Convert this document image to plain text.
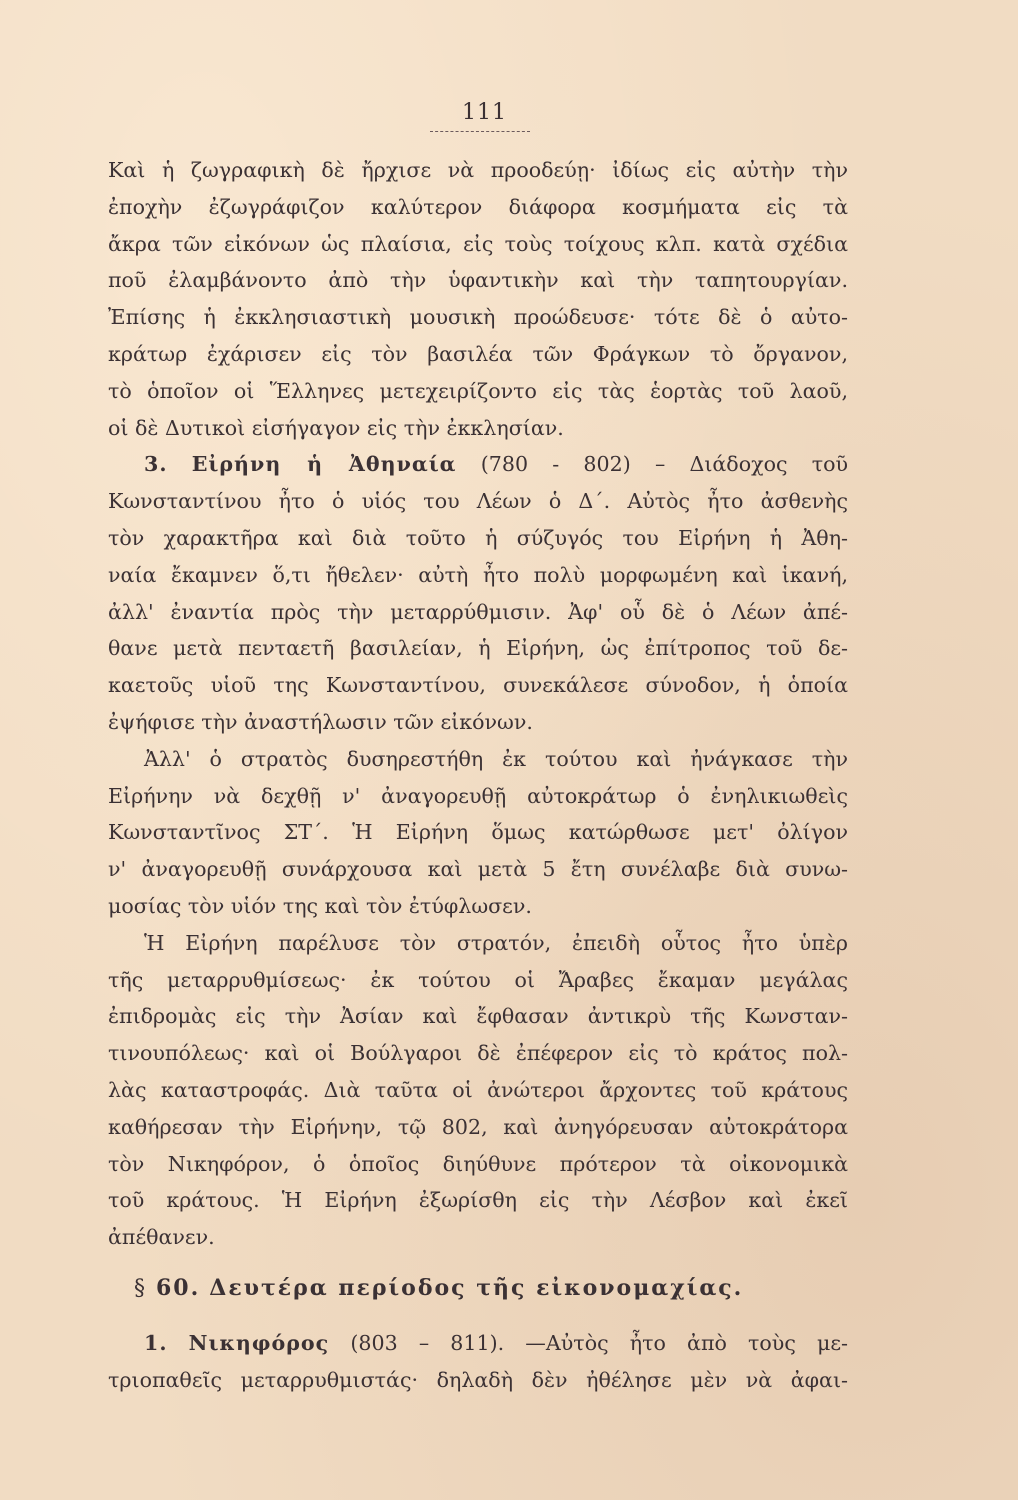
111
Καὶ ἡ ζωγραφικὴ δὲ ἤρχισε νὰ προοδεύῃ· ἰδίως εἰς αὐτὴν τὴν
ἐποχὴν ἐζωγράφιζον καλύτερον διάφορα κοσμήματα εἰς τὰ
ἄκρα τῶν εἰκόνων ὡς πλαίσια, εἰς τοὺς τοίχους κλπ. κατὰ σχέδια
ποῦ ἐλαμβάνοντο ἀπὸ τὴν ὑφαντικὴν καὶ τὴν ταπητουργίαν.
Ἐπίσης ἡ ἐκκλησιαστικὴ μουσικὴ προώδευσε· τότε δὲ ὁ αὐτο-
κράτωρ ἐχάρισεν εἰς τὸν βασιλέα τῶν Φράγκων τὸ ὄργανον,
τὸ ὁποῖον οἱ Ἕλληνες μετεχειρίζοντο εἰς τὰς ἑορτὰς τοῦ λαοῦ,
οἱ δὲ Δυτικοὶ εἰσήγαγον εἰς τὴν ἐκκλησίαν.
3. Εἰρήνη ἡ Ἀθηναία (780 - 802) – Διάδοχος τοῦ
Κωνσταντίνου ἦτο ὁ υἱός του Λέων ὁ Δ΄. Αὐτὸς ἦτο ἀσθενὴς
τὸν χαρακτῆρα καὶ διὰ τοῦτο ἡ σύζυγός του Εἰρήνη ἡ Ἀθη-
ναία ἔκαμνεν ὅ,τι ἤθελεν· αὐτὴ ἦτο πολὺ μορφωμένη καὶ ἱκανή,
ἀλλ' ἐναντία πρὸς τὴν μεταρρύθμισιν. Ἀφ' οὗ δὲ ὁ Λέων ἀπέ-
θανε μετὰ πενταετῆ βασιλείαν, ἡ Εἰρήνη, ὡς ἐπίτροπος τοῦ δε-
καετοῦς υἱοῦ της Κωνσταντίνου, συνεκάλεσε σύνοδον, ἡ ὁποία
ἐψήφισε τὴν ἀναστήλωσιν τῶν εἰκόνων.
Ἀλλ' ὁ στρατὸς δυσηρεστήθη ἐκ τούτου καὶ ἠνάγκασε τὴν
Εἰρήνην νὰ δεχθῇ ν' ἀναγορευθῇ αὐτοκράτωρ ὁ ἐνηλικιωθεὶς
Κωνσταντῖνος ΣΤ΄. Ἡ Εἰρήνη ὅμως κατώρθωσε μετ' ὀλίγον
ν' ἀναγορευθῇ συνάρχουσα καὶ μετὰ 5 ἔτη συνέλαβε διὰ συνω-
μοσίας τὸν υἱόν της καὶ τὸν ἐτύφλωσεν.
Ἡ Εἰρήνη παρέλυσε τὸν στρατόν, ἐπειδὴ οὗτος ἦτο ὑπὲρ
τῆς μεταρρυθμίσεως· ἐκ τούτου οἱ Ἄραβες ἔκαμαν μεγάλας
ἐπιδρομὰς εἰς τὴν Ἀσίαν καὶ ἔφθασαν ἀντικρὺ τῆς Κωνσταν-
τινουπόλεως· καὶ οἱ Βούλγαροι δὲ ἐπέφερον εἰς τὸ κράτος πολ-
λὰς καταστροφάς. Διὰ ταῦτα οἱ ἀνώτεροι ἄρχοντες τοῦ κράτους
καθήρεσαν τὴν Εἰρήνην, τῷ 802, καὶ ἀνηγόρευσαν αὐτοκράτορα
τὸν Νικηφόρον, ὁ ὁποῖος διηύθυνε πρότερον τὰ οἰκονομικὰ
τοῦ κράτους. Ἡ Εἰρήνη ἐξωρίσθη εἰς τὴν Λέσβον καὶ ἐκεῖ
ἀπέθανεν.
§ 60. Δευτέρα περίοδος τῆς εἰκονομαχίας.
1. Νικηφόρος (803 – 811). —Αὐτὸς ἦτο ἀπὸ τοὺς με-
τριοπαθεῖς μεταρρυθμιστάς· δηλαδὴ δὲν ἠθέλησε μὲν νὰ ἀφαι-
